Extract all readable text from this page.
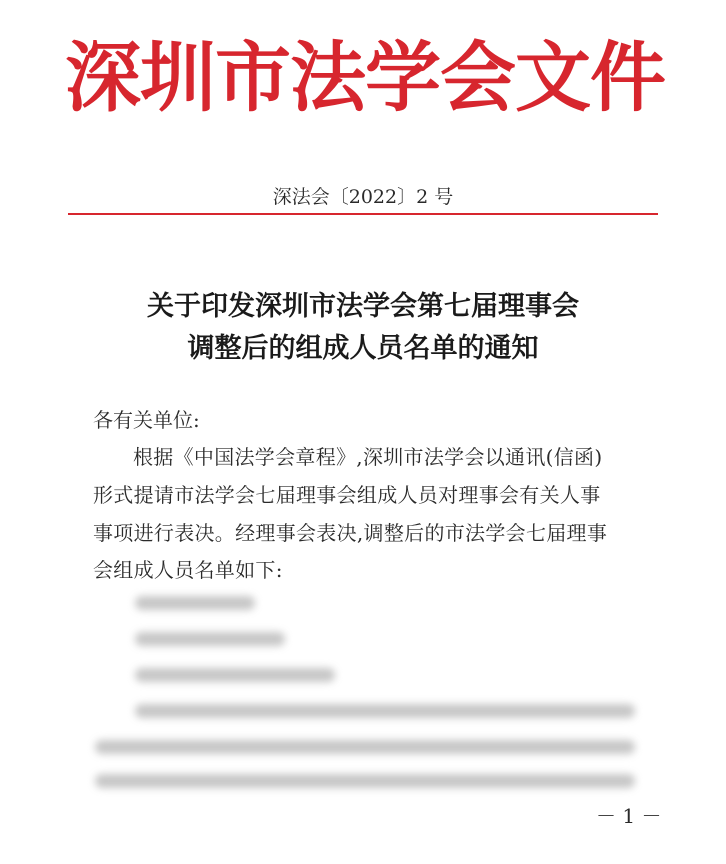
深圳市法学会文件
深法会〔2022〕2 号
关于印发深圳市法学会第七届理事会
调整后的组成人员名单的通知
各有关单位:
根据《中国法学会章程》,深圳市法学会以通讯(信函)
形式提请市法学会七届理事会组成人员对理事会有关人事
事项进行表决。经理事会表决,调整后的市法学会七届理事
会组成人员名单如下:
－ 1 －
